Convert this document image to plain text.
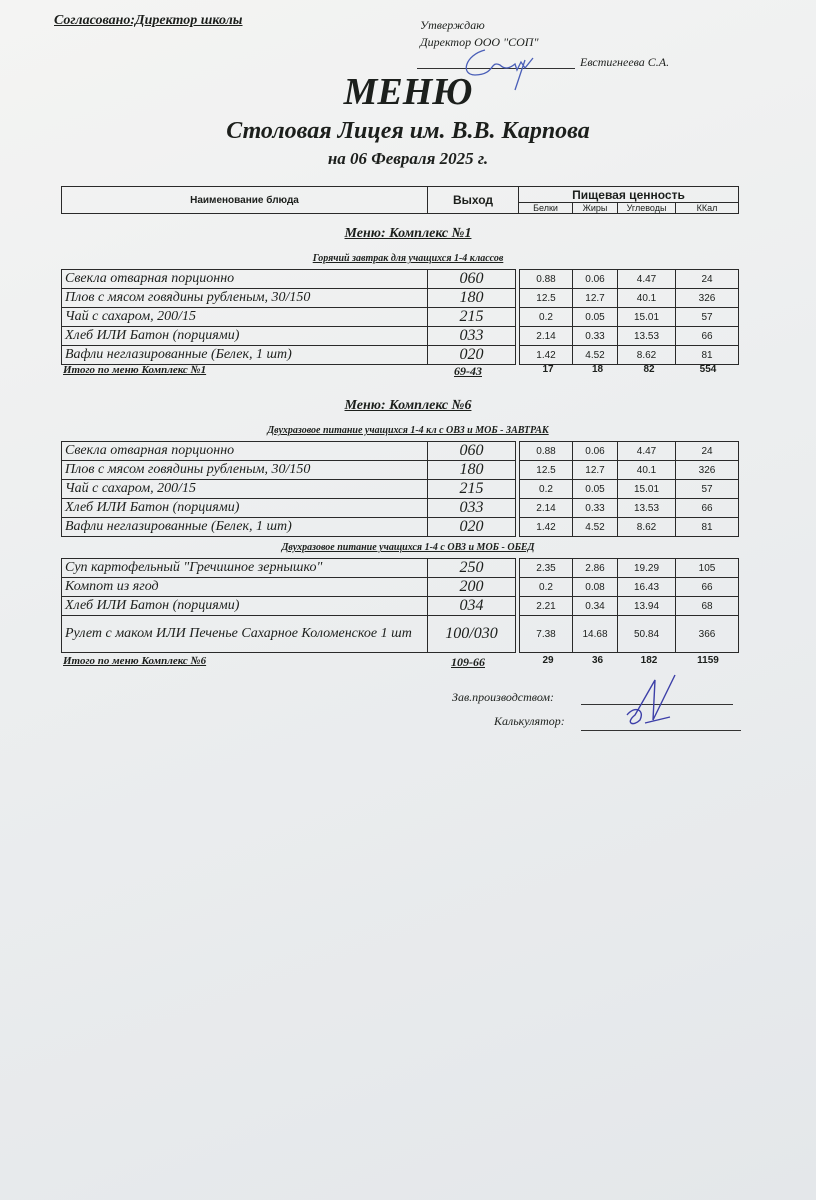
Согласовано:Директор школы	Утверждаю
Директор ООО "СОП"
Евстигнеева С.А.
МЕНЮ
Столовая Лицея им. В.В. Карпова
на 06 Февраля 2025 г.
Наименование блюда	Выход	Пищевая ценность			
		Белки	Жиры	Углеводы	ККал
Меню: Комплекс №1
Горячий завтрак для учащихся 1-4 классов
Свекла отварная порционно	060		0.88	0.06	4.47	24
Плов с мясом говядины рубленым, 30/150	180		12.5	12.7	40.1	326
Чай с сахаром, 200/15	215		0.2	0.05	15.01	57
Хлеб ИЛИ Батон (порциями)	033		2.14	0.33	13.53	66
Вафли неглазированные (Белек, 1 шт)	020		1.42	4.52	8.62	81
Итого по меню Комплекс №1	69-43	17	18	82	554
Меню: Комплекс №6
Двухразовое питание учащихся 1-4 кл с ОВЗ и МОБ - ЗАВТРАК
Свекла отварная порционно	060		0.88	0.06	4.47	24
Плов с мясом говядины рубленым, 30/150	180		12.5	12.7	40.1	326
Чай с сахаром, 200/15	215		0.2	0.05	15.01	57
Хлеб ИЛИ Батон (порциями)	033		2.14	0.33	13.53	66
Вафли неглазированные (Белек, 1 шт)	020		1.42	4.52	8.62	81
Двухразовое питание учащихся 1-4 с ОВЗ и МОБ - ОБЕД
Суп картофельный "Гречишное зернышко"	250		2.35	2.86	19.29	105
Компот из ягод	200		0.2	0.08	16.43	66
Хлеб ИЛИ Батон (порциями)	034		2.21	0.34	13.94	68
Рулет с маком ИЛИ Печенье Сахарное Коломенское 1 шт	100/030		7.38	14.68	50.84	366
Итого по меню Комплекс №6	109-66	29	36	182	1159
Зав.производством:
Калькулятор:
